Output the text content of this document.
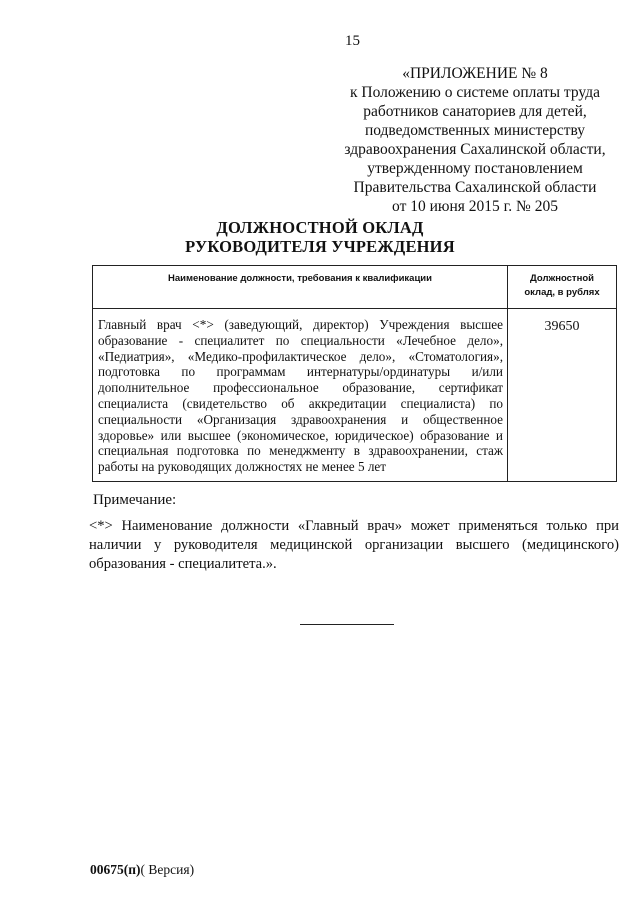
15
«ПРИЛОЖЕНИЕ № 8
к Положению о системе оплаты труда
работников санаториев для детей,
подведомственных министерству
здравоохранения Сахалинской области,
утвержденному постановлением
Правительства Сахалинской области
от 10 июня 2015 г. № 205
ДОЛЖНОСТНОЙ ОКЛАД
РУКОВОДИТЕЛЯ УЧРЕЖДЕНИЯ
Наименование должности, требования к квалификации	Должностной
оклад, в рублях

Главный врач <*> (заведующий, директор) Учреждения высшее образование - специалитет по специальности «Лечебное дело», «Педиатрия», «Медико-профилактическое дело», «Стоматология», подготовка по программам интернатуры/ординатуры и/или дополнительное профессиональное образование, сертификат специалиста (свидетельство об аккредитации специалиста) по специальности «Организация здравоохранения и общественное здоровье» или высшее (экономическое, юридическое) образование и специальная подготовка по менеджменту в здравоохранении, стаж работы на руководящих должностях не менее 5 лет	39650
Примечание:
<*> Наименование должности «Главный врач» может применяться только при наличии у руководителя медицинской организации высшего (медицинского) образования - специалитета.».
00675(п)( Версия)
